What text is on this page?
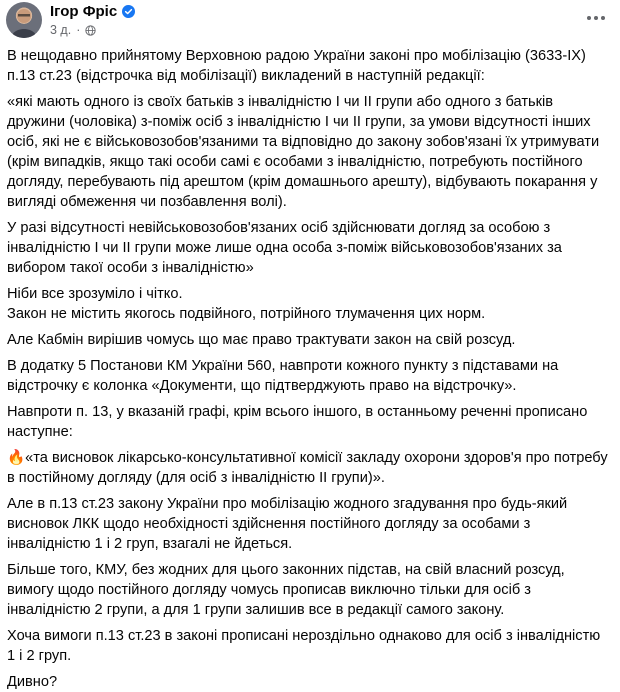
Ігор Фріс
3 д. ·

В нещодавно прийнятому Верховною радою України законі про мобілізацію (3633-IX) п.13 ст.23 (відстрочка від мобілізації) викладений в наступній редакції:

«які мають одного із своїх батьків з інвалідністю I чи II групи або одного з батьків дружини (чоловіка) з-поміж осіб з інвалідністю I чи II групи, за умови відсутності інших осіб, які не є військовозобов'язаними та відповідно до закону зобов'язані їх утримувати (крім випадків, якщо такі особи самі є особами з інвалідністю, потребують постійного догляду, перебувають під арештом (крім домашнього арешту), відбувають покарання у вигляді обмеження чи позбавлення волі).

У разі відсутності невійськовозобов'язаних осіб здійснювати догляд за особою з інвалідністю I чи II групи може лише одна особа з-поміж військовозобов'язаних за вибором такої особи з інвалідністю»

Ніби все зрозуміло і чітко.
Закон не містить якогось подвійного, потрійного тлумачення цих норм.

Але Кабмін вирішив чомусь що має право трактувати закон на свій розсуд.

В додатку 5 Постанови КМ України 560, навпроти кожного пункту з підставами на відстрочку є колонка «Документи, що підтверджують право на відстрочку».

Навпроти п. 13, у вказаній графі, крім всього іншого, в останньому реченні прописано наступне:

🔥«та висновок лікарсько-консультативної комісії закладу охорони здоров'я про потребу в постійному догляду (для осіб з інвалідністю II групи)».

Але в п.13 ст.23 закону України про мобілізацію жодного згадування про будь-який висновок ЛКК щодо необхідності здійснення постійного догляду за особами з інвалідністю 1 і 2 груп, взагалі не йдеться.

Більше того, КМУ, без жодних для цього законних підстав, на свій власний розсуд, вимогу щодо постійного догляду чомусь прописав виключно тільки для осіб з інвалідністю 2 групи, а для 1 групи залишив все в редакції самого закону.

Хоча вимоги п.13 ст.23 в законі прописані нероздільно однаково для осіб з інвалідністю 1 і 2 груп.

Дивно?
